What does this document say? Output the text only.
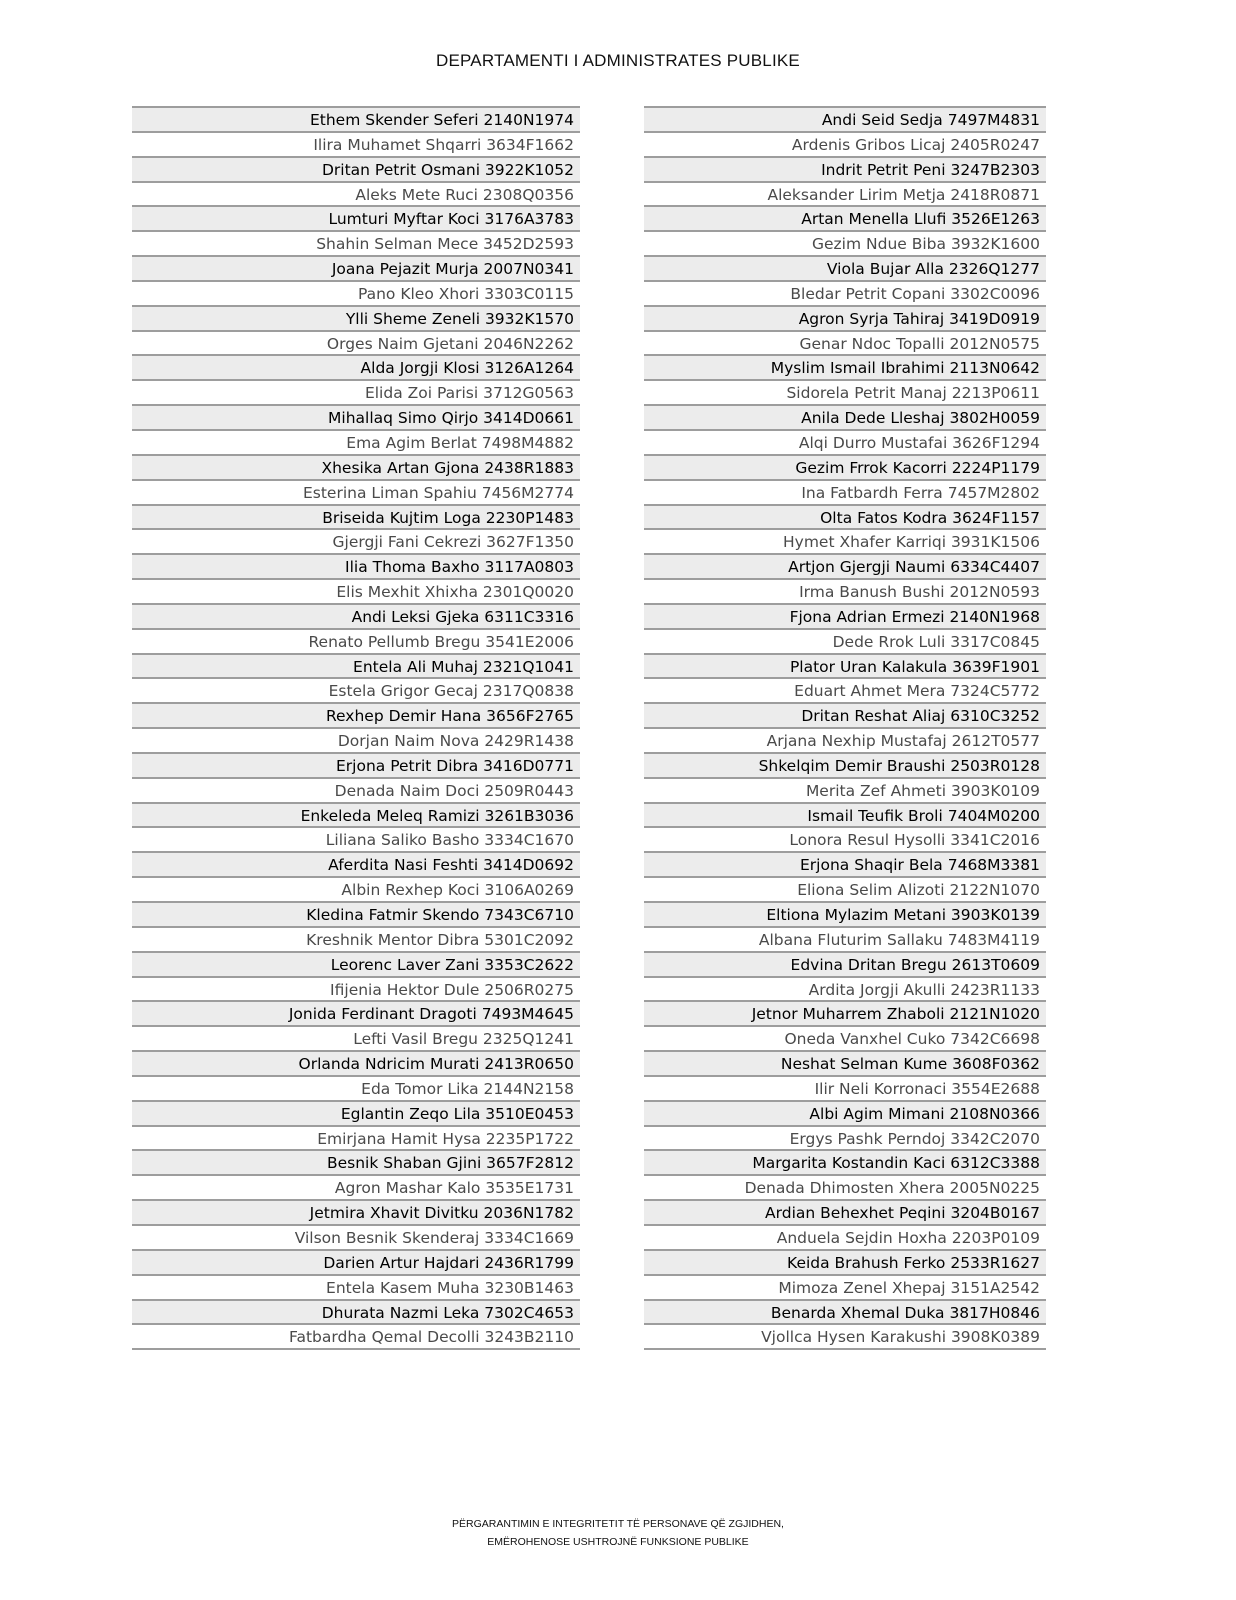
DEPARTAMENTI I ADMINISTRATES PUBLIKE
Ethem Skender Seferi 2140N1974
Ilira Muhamet Shqarri 3634F1662
Dritan Petrit Osmani 3922K1052
Aleks Mete Ruci 2308Q0356
Lumturi Myftar Koci 3176A3783
Shahin Selman Mece 3452D2593
Joana Pejazit Murja 2007N0341
Pano Kleo Xhori 3303C0115
Ylli Sheme Zeneli 3932K1570
Orges Naim Gjetani 2046N2262
Alda Jorgji Klosi 3126A1264
Elida Zoi Parisi 3712G0563
Mihallaq Simo Qirjo 3414D0661
Ema Agim Berlat 7498M4882
Xhesika Artan Gjona 2438R1883
Esterina Liman Spahiu 7456M2774
Briseida Kujtim Loga 2230P1483
Gjergji Fani Cekrezi 3627F1350
Ilia Thoma Baxho 3117A0803
Elis Mexhit Xhixha 2301Q0020
Andi Leksi Gjeka 6311C3316
Renato Pellumb Bregu 3541E2006
Entela Ali Muhaj 2321Q1041
Estela Grigor Gecaj 2317Q0838
Rexhep Demir Hana 3656F2765
Dorjan Naim Nova 2429R1438
Erjona Petrit Dibra 3416D0771
Denada Naim Doci 2509R0443
Enkeleda Meleq Ramizi 3261B3036
Liliana Saliko Basho 3334C1670
Aferdita Nasi Feshti 3414D0692
Albin Rexhep Koci 3106A0269
Kledina Fatmir Skendo 7343C6710
Kreshnik Mentor Dibra 5301C2092
Leorenc Laver Zani 3353C2622
Ifijenia Hektor Dule 2506R0275
Jonida Ferdinant Dragoti 7493M4645
Lefti Vasil Bregu 2325Q1241
Orlanda Ndricim Murati 2413R0650
Eda Tomor Lika 2144N2158
Eglantin Zeqo Lila 3510E0453
Emirjana Hamit Hysa 2235P1722
Besnik Shaban Gjini 3657F2812
Agron Mashar Kalo 3535E1731
Jetmira Xhavit Divitku 2036N1782
Vilson Besnik Skenderaj 3334C1669
Darien Artur Hajdari 2436R1799
Entela Kasem Muha 3230B1463
Dhurata Nazmi Leka 7302C4653
Fatbardha Qemal Decolli 3243B2110
Andi Seid Sedja 7497M4831
Ardenis Gribos Licaj 2405R0247
Indrit Petrit Peni 3247B2303
Aleksander Lirim Metja 2418R0871
Artan Menella Llufi 3526E1263
Gezim Ndue Biba 3932K1600
Viola Bujar Alla 2326Q1277
Bledar Petrit Copani 3302C0096
Agron Syrja Tahiraj 3419D0919
Genar Ndoc Topalli 2012N0575
Myslim Ismail Ibrahimi 2113N0642
Sidorela Petrit Manaj 2213P0611
Anila Dede Lleshaj 3802H0059
Alqi Durro Mustafai 3626F1294
Gezim Frrok Kacorri 2224P1179
Ina Fatbardh Ferra 7457M2802
Olta Fatos Kodra 3624F1157
Hymet Xhafer Karriqi 3931K1506
Artjon Gjergji Naumi 6334C4407
Irma Banush Bushi 2012N0593
Fjona Adrian Ermezi 2140N1968
Dede Rrok Luli 3317C0845
Plator Uran Kalakula 3639F1901
Eduart Ahmet Mera 7324C5772
Dritan Reshat Aliaj 6310C3252
Arjana Nexhip Mustafaj 2612T0577
Shkelqim Demir Braushi 2503R0128
Merita Zef Ahmeti 3903K0109
Ismail Teufik Broli 7404M0200
Lonora Resul Hysolli 3341C2016
Erjona Shaqir Bela 7468M3381
Eliona Selim Alizoti 2122N1070
Eltiona Mylazim Metani 3903K0139
Albana Fluturim Sallaku 7483M4119
Edvina Dritan Bregu 2613T0609
Ardita Jorgji Akulli 2423R1133
Jetnor Muharrem Zhaboli 2121N1020
Oneda Vanxhel Cuko 7342C6698
Neshat Selman Kume 3608F0362
Ilir Neli Korronaci 3554E2688
Albi Agim Mimani 2108N0366
Ergys Pashk Perndoj 3342C2070
Margarita Kostandin Kaci 6312C3388
Denada Dhimosten Xhera 2005N0225
Ardian Behexhet Peqini 3204B0167
Anduela Sejdin Hoxha 2203P0109
Keida Brahush Ferko 2533R1627
Mimoza Zenel Xhepaj 3151A2542
Benarda Xhemal Duka 3817H0846
Vjollca Hysen Karakushi 3908K0389
PËRGARANTIMIN E INTEGRITETIT TË PERSONAVE QË ZGJIDHEN,
EMËROHENOSE USHTROJNË FUNKSIONE PUBLIKE
